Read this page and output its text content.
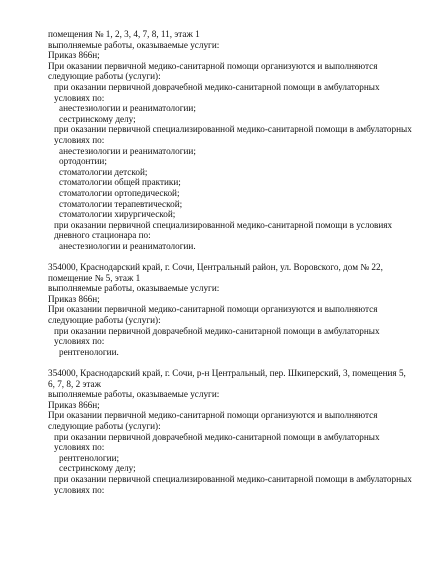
помещения № 1, 2, 3, 4, 7, 8, 11, этаж 1
выполняемые работы, оказываемые услуги:
Приказ 866н;
При оказании первичной медико-санитарной помощи организуются и выполняются следующие работы (услуги):
при оказании первичной доврачебной медико-санитарной помощи в амбулаторных условиях по:
анестезиологии и реаниматологии;
сестринскому делу;
при оказании первичной специализированной медико-санитарной помощи в амбулаторных условиях по:
анестезиологии и реаниматологии;
ортодонтии;
стоматологии детской;
стоматологии общей практики;
стоматологии ортопедической;
стоматологии терапевтической;
стоматологии хирургической;
при оказании первичной специализированной медико-санитарной помощи в условиях дневного стационара по:
анестезиологии и реаниматологии.
354000, Краснодарский край, г. Сочи, Центральный район, ул. Воровского, дом № 22, помещение № 5, этаж 1
выполняемые работы, оказываемые услуги:
Приказ 866н;
При оказании первичной медико-санитарной помощи организуются и выполняются следующие работы (услуги):
при оказании первичной доврачебной медико-санитарной помощи в амбулаторных условиях по:
рентгенологии.
354000, Краснодарский край, г. Сочи, р-н Центральный, пер. Шкиперский, 3, помещения 5, 6, 7, 8, 2 этаж
выполняемые работы, оказываемые услуги:
Приказ 866н;
При оказании первичной медико-санитарной помощи организуются и выполняются следующие работы (услуги):
при оказании первичной доврачебной медико-санитарной помощи в амбулаторных условиях по:
рентгенологии;
сестринскому делу;
при оказании первичной специализированной медико-санитарной помощи в амбулаторных условиях по:
